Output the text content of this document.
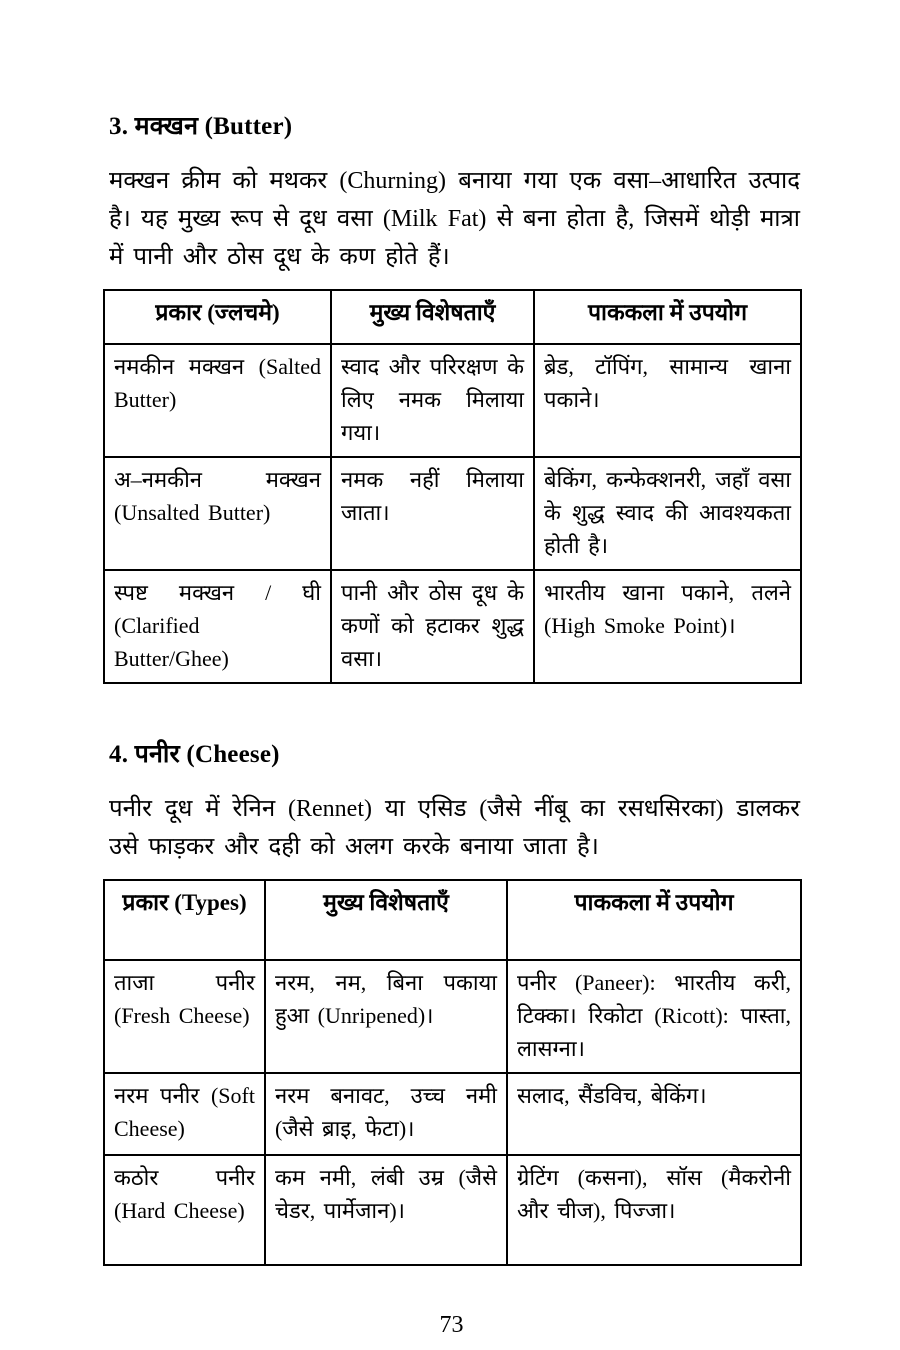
3. मक्खन (Butter)

मक्खन क्रीम को मथकर (Churning) बनाया गया एक वसा–आधारित उत्पाद है। यह मुख्य रूप से दूध वसा (Milk Fat) से बना होता है, जिसमें थोड़ी मात्रा में पानी और ठोस दूध के कण होते हैं।

प्रकार (ज्लचमे)	मुख्य विशेषताएँ	पाककला में उपयोग
नमकीन मक्खन (Salted Butter)	स्वाद और परिरक्षण के लिए नमक मिलाया गया।	ब्रेड, टॉपिंग, सामान्य खाना पकाने।
अ–नमकीन मक्खन (Unsalted Butter)	नमक नहीं मिलाया जाता।	बेकिंग, कन्फेक्शनरी, जहाँ वसा के शुद्ध स्वाद की आवश्यकता होती है।
स्पष्ट मक्खन / घी (Clarified Butter/Ghee)	पानी और ठोस दूध के कणों को हटाकर शुद्ध वसा।	भारतीय खाना पकाने, तलने (High Smoke Point)।
4. पनीर (Cheese)

पनीर दूध में रेनिन (Rennet) या एसिड (जैसे नींबू का रसधसिरका) डालकर उसे फाड़कर और दही को अलग करके बनाया जाता है।

प्रकार (Types)	मुख्य विशेषताएँ	पाककला में उपयोग
ताजा पनीर (Fresh Cheese)	नरम, नम, बिना पकाया हुआ (Unripened)।	पनीर (Paneer): भारतीय करी, टिक्का। रिकोटा (Ricott): पास्ता, लासग्ना।
नरम पनीर (Soft Cheese)	नरम बनावट, उच्च नमी (जैसे ब्राइ, फेटा)।	सलाद, सैंडविच, बेकिंग।
कठोर पनीर (Hard Cheese)	कम नमी, लंबी उम्र (जैसे चेडर, पार्मेजान)।	ग्रेटिंग (कसना), सॉस (मैकरोनी और चीज), पिज्जा।
73
